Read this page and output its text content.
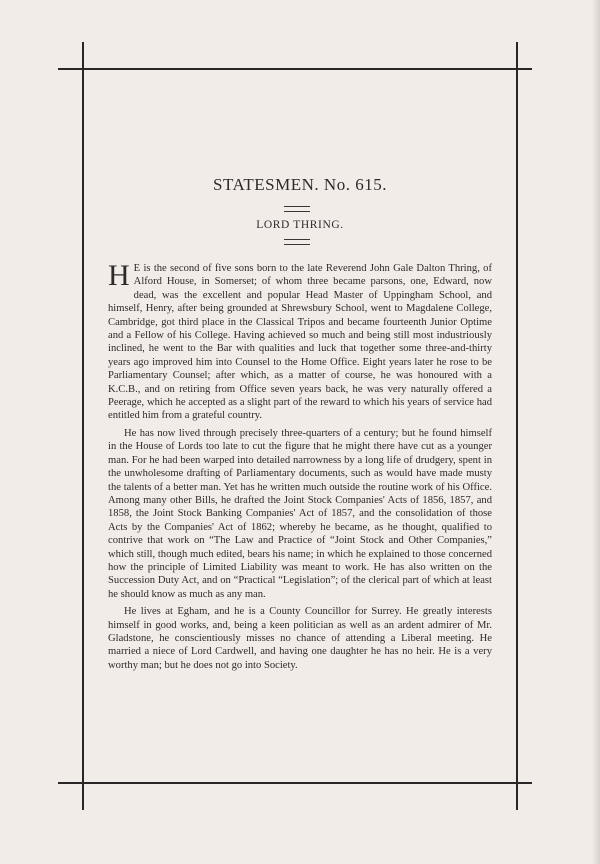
STATESMEN. No. 615.
LORD THRING.

H E is the second of five sons born to the late Reverend John Gale Dalton Thring, of Alford House, in Somerset; of whom three became parsons, one, Edward, now dead, was the excellent and popular Head Master of Uppingham School, and himself, Henry, after being grounded at Shrewsbury School, went to Magdalene College, Cambridge, got third place in the Classical Tripos and became fourteenth Junior Optime and a Fellow of his College. Having achieved so much and being still most industriously inclined, he went to the Bar with qualities and luck that together some three-and-thirty years ago improved him into Counsel to the Home Office. Eight years later he rose to be Parliamentary Counsel; after which, as a matter of course, he was honoured with a K.C.B., and on retiring from Office seven years back, he was very naturally offered a Peerage, which he accepted as a slight part of the reward to which his years of service had entitled him from a grateful country.

He has now lived through precisely three-quarters of a century; but he found himself in the House of Lords too late to cut the figure that he might there have cut as a younger man. For he had been warped into detailed narrowness by a long life of drudgery, spent in the unwholesome drafting of Parliamentary documents, such as would have made musty the talents of a better man. Yet has he written much outside the routine work of his Office. Among many other Bills, he drafted the Joint Stock Companies' Acts of 1856, 1857, and 1858, the Joint Stock Banking Companies' Act of 1857, and the consolidation of those Acts by the Companies' Act of 1862; whereby he became, as he thought, qualified to contrive that work on “The Law and Practice of “Joint Stock and Other Companies,” which still, though much edited, bears his name; in which he explained to those concerned how the principle of Limited Liability was meant to work. He has also written on the Succession Duty Act, and on “Practical “Legislation”; of the clerical part of which at least he should know as much as any man.

He lives at Egham, and he is a County Councillor for Surrey. He greatly interests himself in good works, and, being a keen politician as well as an ardent admirer of Mr. Gladstone, he conscientiously misses no chance of attending a Liberal meeting. He married a niece of Lord Cardwell, and having one daughter he has no heir. He is a very worthy man; but he does not go into Society.
